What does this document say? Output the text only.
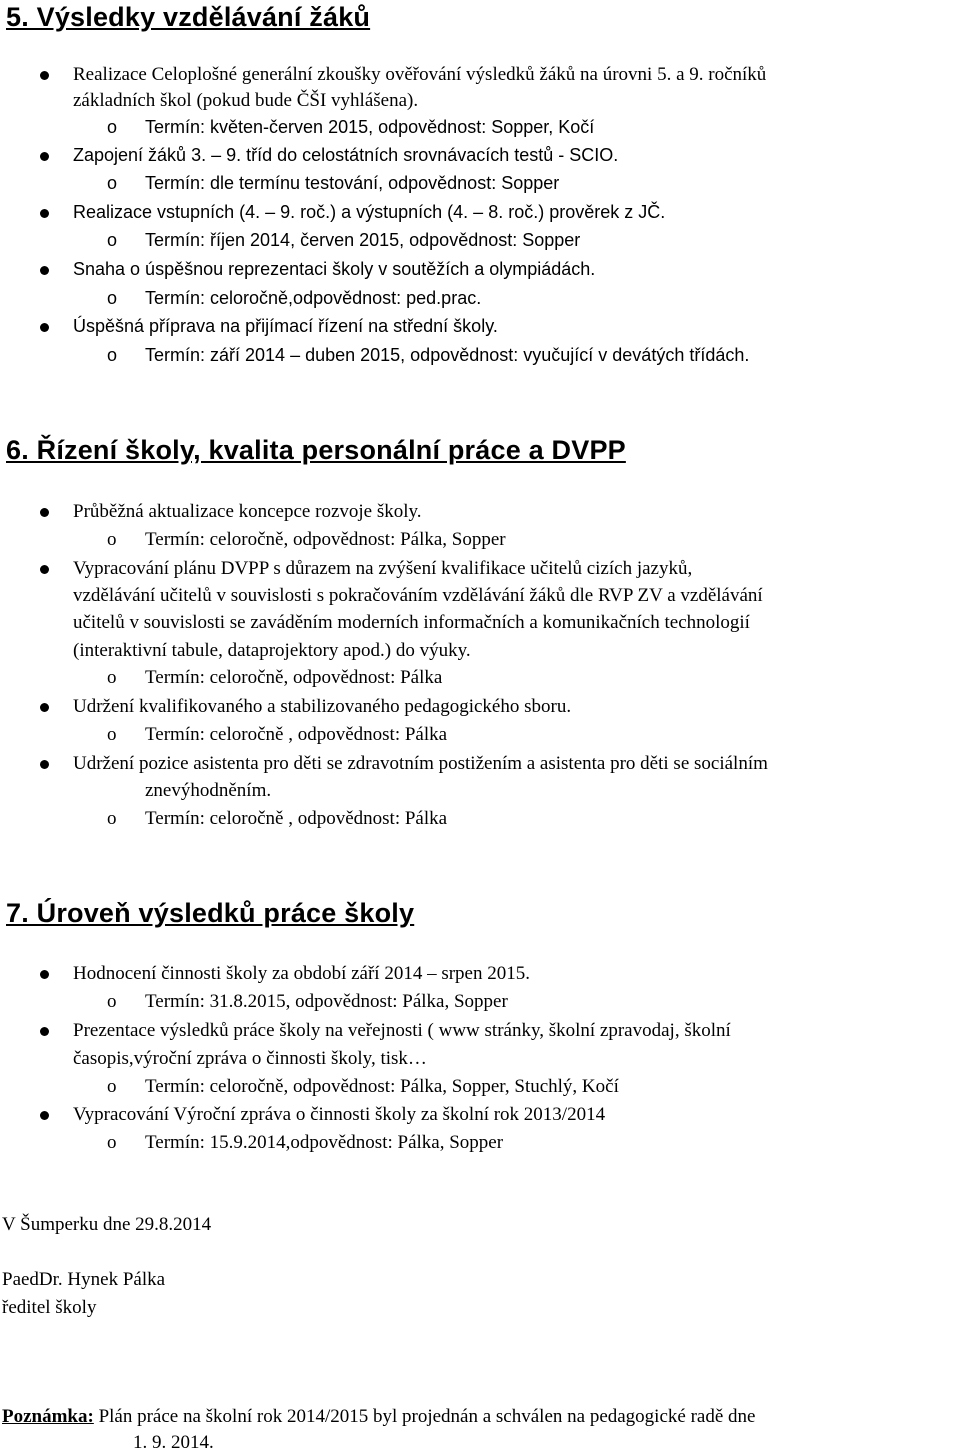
5. Výsledky vzdělávání žáků
Realizace Celoplošné generální zkoušky ověřování výsledků žáků na úrovni 5. a 9. ročníků
základních škol (pokud bude ČŠI vyhlášena).
o Termín: květen-červen 2015, odpovědnost: Sopper, Kočí
Zapojení žáků 3. – 9. tříd do celostátních srovnávacích testů - SCIO.
o Termín: dle termínu testování, odpovědnost: Sopper
Realizace vstupních (4. – 9. roč.) a výstupních (4. – 8. roč.) prověrek z JČ.
o Termín: říjen 2014, červen 2015, odpovědnost: Sopper
Snaha o úspěšnou reprezentaci školy v soutěžích a olympiádách.
o Termín: celoročně,odpovědnost: ped.prac.
Úspěšná příprava na přijímací řízení na střední školy.
o Termín: září 2014 – duben 2015, odpovědnost: vyučující v devátých třídách.
6. Řízení školy, kvalita personální práce a DVPP
Průběžná aktualizace koncepce rozvoje školy.
o Termín: celoročně, odpovědnost: Pálka, Sopper
Vypracování plánu DVPP s důrazem na zvýšení kvalifikace učitelů cizích jazyků,
vzdělávání učitelů v souvislosti s pokračováním vzdělávání žáků dle RVP ZV a vzdělávání
učitelů v souvislosti se zaváděním moderních informačních a komunikačních technologií
(interaktivní tabule, dataprojektory apod.) do výuky.
o Termín: celoročně, odpovědnost: Pálka
Udržení kvalifikovaného a stabilizovaného pedagogického sboru.
o Termín: celoročně , odpovědnost: Pálka
Udržení pozice asistenta pro děti se zdravotním postižením a asistenta pro děti se sociálním
znevýhodněním.
o Termín: celoročně , odpovědnost: Pálka
7. Úroveň výsledků práce školy
Hodnocení činnosti školy za období září 2014 – srpen 2015.
o Termín: 31.8.2015, odpovědnost: Pálka, Sopper
Prezentace výsledků práce školy na veřejnosti ( www stránky, školní zpravodaj, školní
časopis,výroční zpráva o činnosti školy, tisk…
o Termín: celoročně, odpovědnost: Pálka, Sopper, Stuchlý, Kočí
Vypracování Výroční zpráva o činnosti školy za školní rok 2013/2014
o Termín: 15.9.2014,odpovědnost: Pálka, Sopper
V Šumperku dne 29.8.2014
PaedDr. Hynek Pálka
ředitel školy
Poznámka: Plán práce na školní rok 2014/2015 byl projednán a schválen na pedagogické radě dne
1. 9. 2014.
